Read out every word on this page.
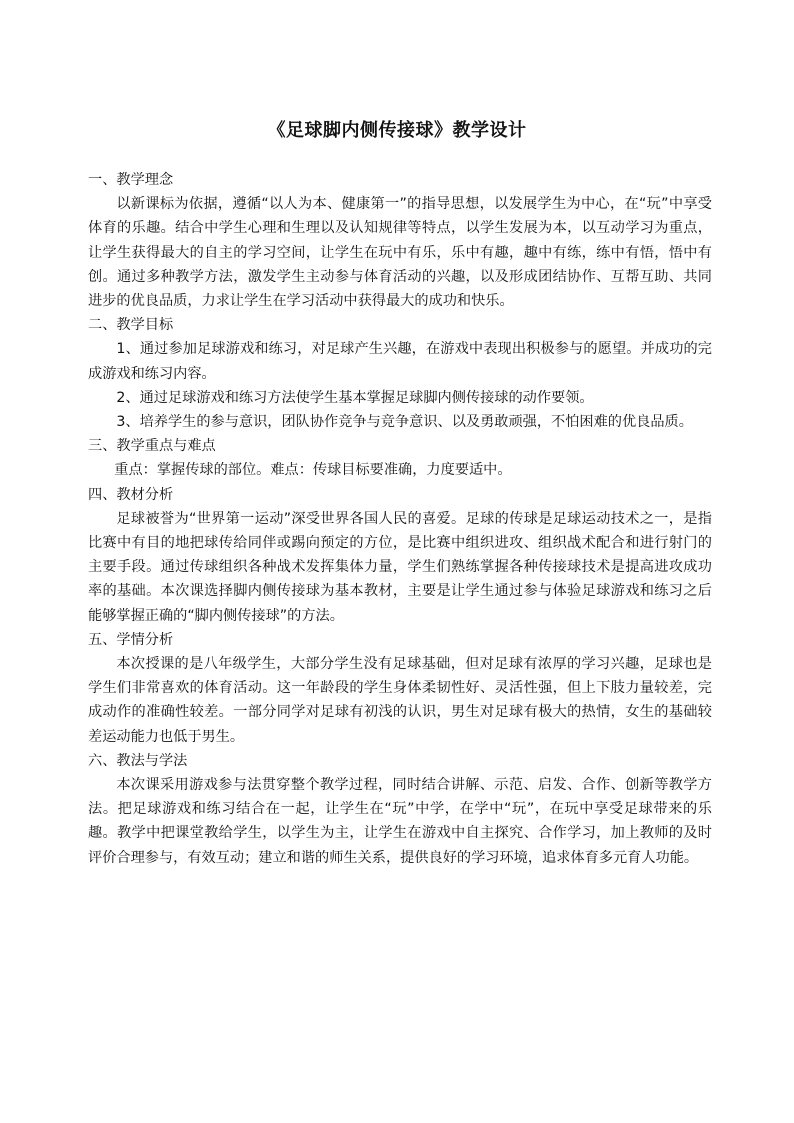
《足球脚内侧传接球》教学设计

一、教学理念

以新课标为依据，遵循“以人为本、健康第一”的指导思想，以发展学生为中心，在“玩”中享受体育的乐趣。结合中学生心理和生理以及认知规律等特点，以学生发展为本，以互动学习为重点，让学生获得最大的自主的学习空间，让学生在玩中有乐，乐中有趣，趣中有练，练中有悟，悟中有创。通过多种教学方法，激发学生主动参与体育活动的兴趣，以及形成团结协作、互帮互助、共同进步的优良品质，力求让学生在学习活动中获得最大的成功和快乐。

二、教学目标

1、通过参加足球游戏和练习，对足球产生兴趣，在游戏中表现出积极参与的愿望。并成功的完成游戏和练习内容。

2、通过足球游戏和练习方法使学生基本掌握足球脚内侧传接球的动作要领。

3、培养学生的参与意识，团队协作竞争与竞争意识、以及勇敢顽强，不怕困难的优良品质。

三、教学重点与难点

重点：掌握传球的部位。难点：传球目标要准确，力度要适中。

四、教材分析

足球被誉为“世界第一运动”深受世界各国人民的喜爱。足球的传球是足球运动技术之一，是指比赛中有目的地把球传给同伴或踢向预定的方位，是比赛中组织进攻、组织战术配合和进行射门的主要手段。通过传球组织各种战术发挥集体力量，学生们熟练掌握各种传接球技术是提高进攻成功率的基础。本次课选择脚内侧传接球为基本教材，主要是让学生通过参与体验足球游戏和练习之后能够掌握正确的“脚内侧传接球”的方法。

五、学情分析

本次授课的是八年级学生，大部分学生没有足球基础，但对足球有浓厚的学习兴趣，足球也是学生们非常喜欢的体育活动。这一年龄段的学生身体柔韧性好、灵活性强，但上下肢力量较差，完成动作的准确性较差。一部分同学对足球有初浅的认识，男生对足球有极大的热情，女生的基础较差运动能力也低于男生。

六、教法与学法

本次课采用游戏参与法贯穿整个教学过程，同时结合讲解、示范、启发、合作、创新等教学方法。把足球游戏和练习结合在一起，让学生在“玩”中学，在学中“玩”，在玩中享受足球带来的乐趣。教学中把课堂教给学生，以学生为主，让学生在游戏中自主探究、合作学习，加上教师的及时评价合理参与，有效互动；建立和谐的师生关系，提供良好的学习环境，追求体育多元育人功能。
